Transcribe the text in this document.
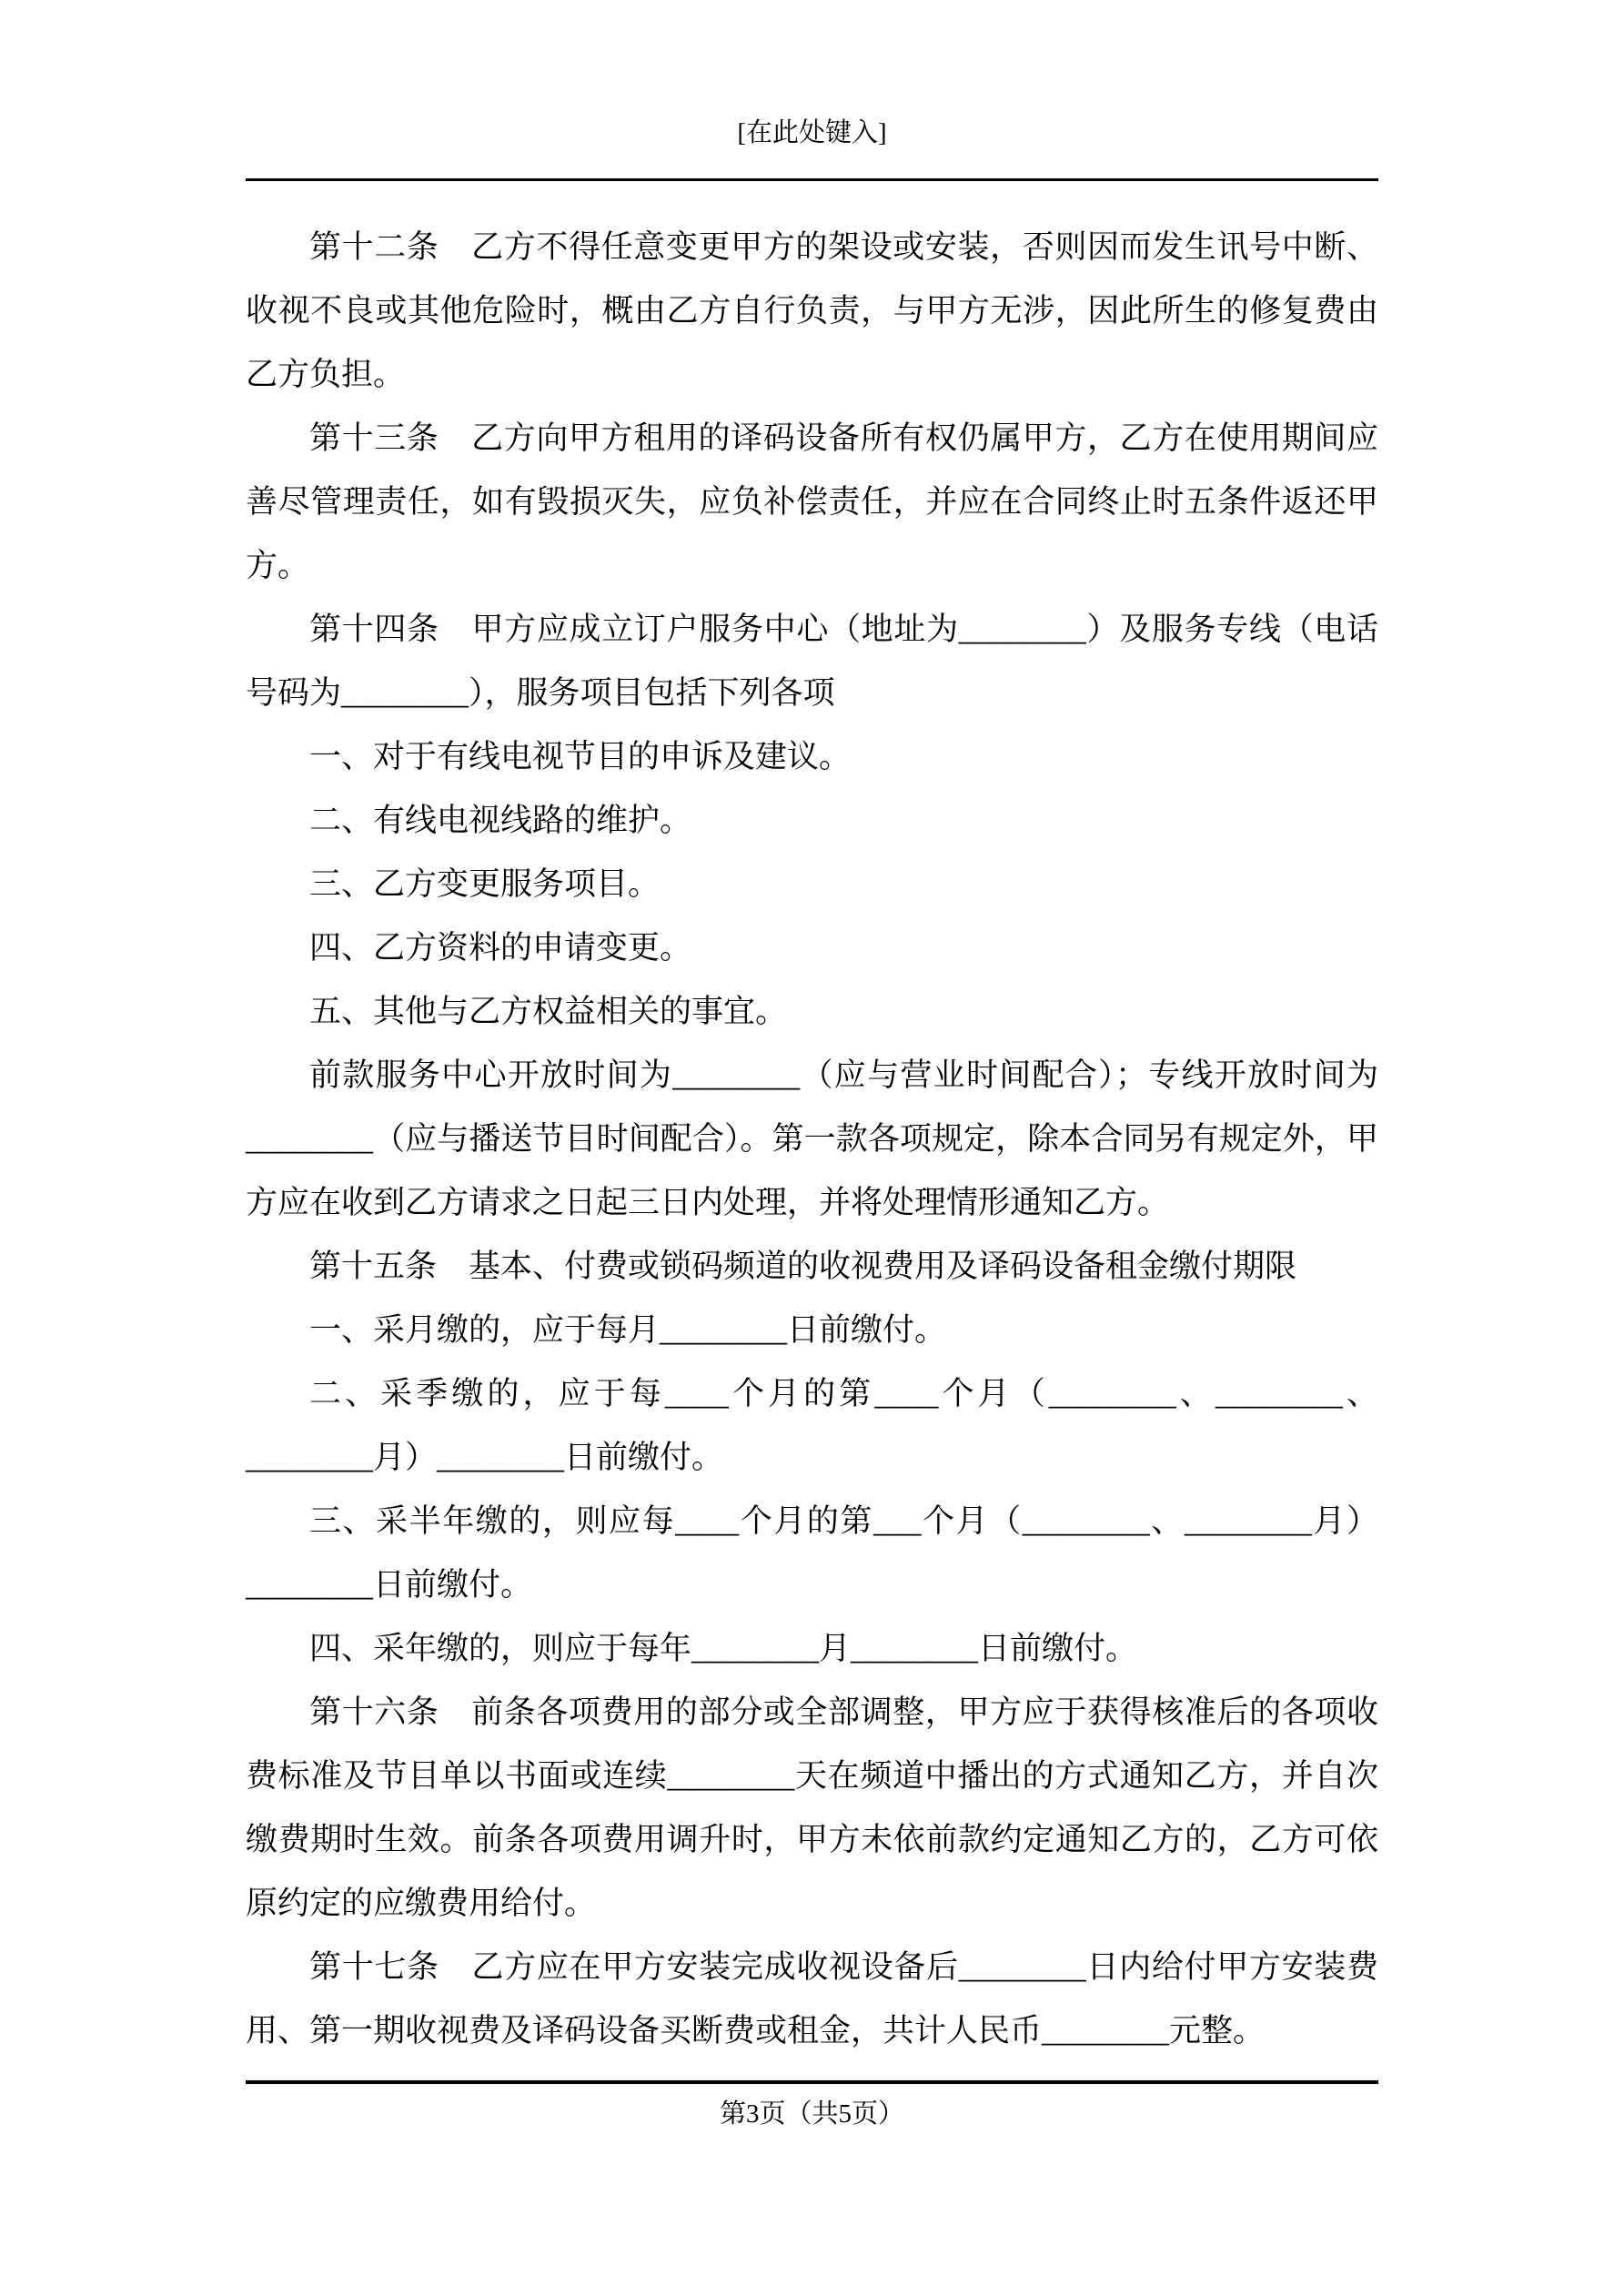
[在此处键入]

第十二条　乙方不得任意变更甲方的架设或安装，否则因而发生讯号中断、收视不良或其他危险时，概由乙方自行负责，与甲方无涉，因此所生的修复费由乙方负担。

第十三条　乙方向甲方租用的译码设备所有权仍属甲方，乙方在使用期间应善尽管理责任，如有毁损灭失，应负补偿责任，并应在合同终止时五条件返还甲方。

第十四条　甲方应成立订户服务中心（地址为________）及服务专线（电话号码为________），服务项目包括下列各项

一、对于有线电视节目的申诉及建议。

二、有线电视线路的维护。

三、乙方变更服务项目。

四、乙方资料的申请变更。

五、其他与乙方权益相关的事宜。

前款服务中心开放时间为________（应与营业时间配合）；专线开放时间为________（应与播送节目时间配合）。第一款各项规定，除本合同另有规定外，甲方应在收到乙方请求之日起三日内处理，并将处理情形通知乙方。

第十五条　基本、付费或锁码频道的收视费用及译码设备租金缴付期限

一、采月缴的，应于每月________日前缴付。

二、采季缴的，应于每____个月的第____个月（________、________、________月）________日前缴付。

三、采半年缴的，则应每____个月的第___个月（________、________月）________日前缴付。

四、采年缴的，则应于每年________月________日前缴付。

第十六条　前条各项费用的部分或全部调整，甲方应于获得核准后的各项收费标准及节目单以书面或连续________天在频道中播出的方式通知乙方，并自次缴费期时生效。前条各项费用调升时，甲方未依前款约定通知乙方的，乙方可依原约定的应缴费用给付。

第十七条　乙方应在甲方安装完成收视设备后________日内给付甲方安装费用、第一期收视费及译码设备买断费或租金，共计人民币________元整。

第3页（共5页）
